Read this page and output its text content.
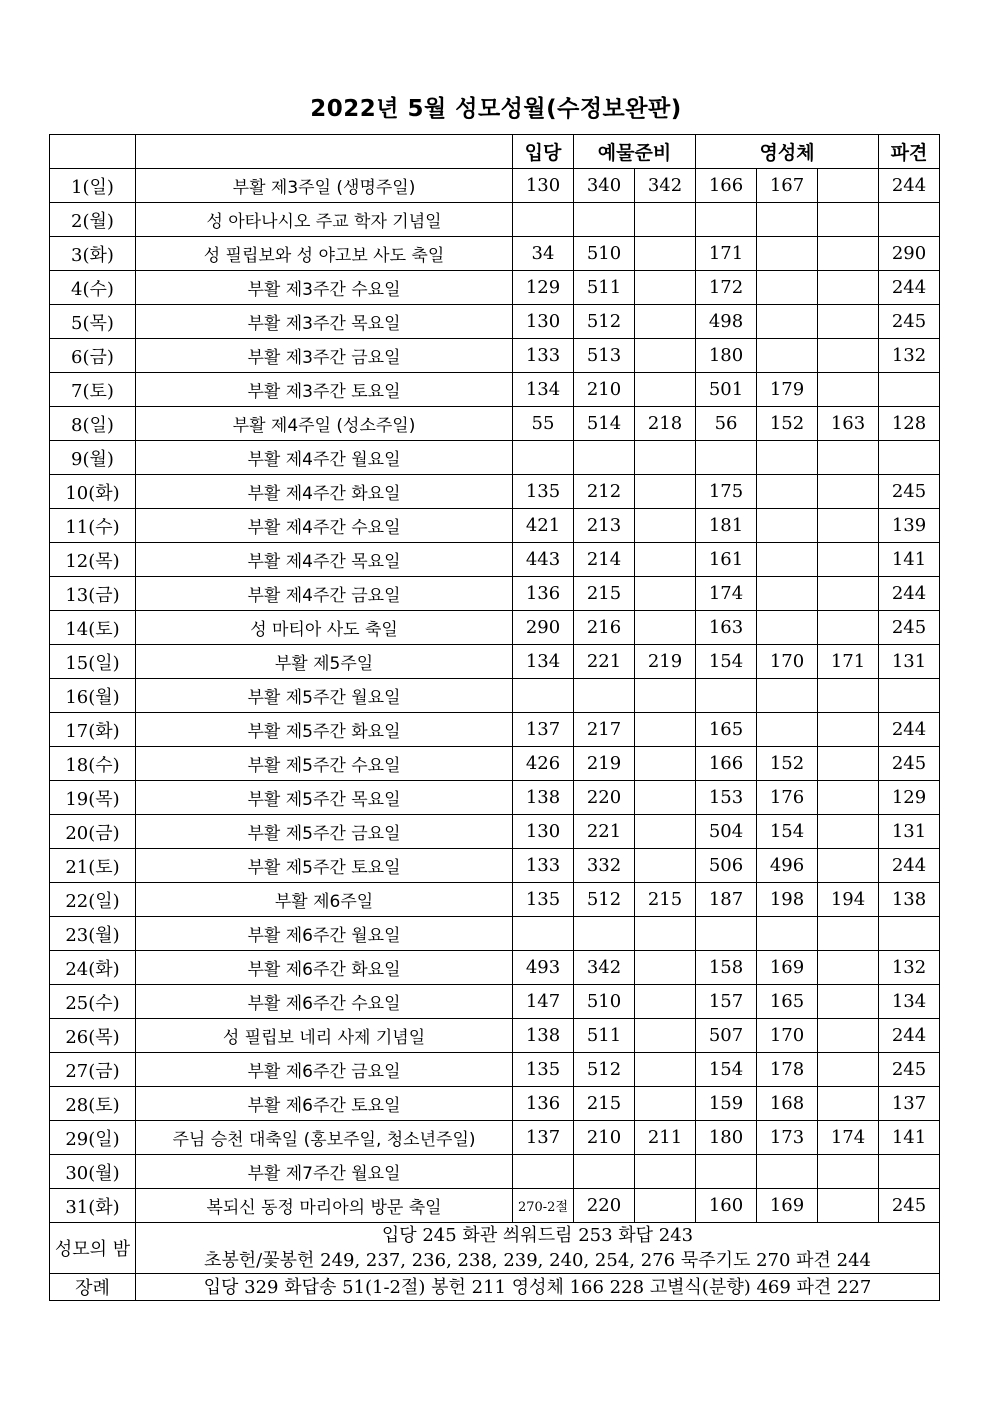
2022년 5월 성모성월(수정보완판)
		입당	예물준비		영성체			파견
1(일)	부활 제3주일 (생명주일)	130	340	342	166	167		244
2(월)	성 아타나시오 주교 학자 기념일							
3(화)	성 필립보와 성 야고보 사도 축일	34	510		171			290
4(수)	부활 제3주간 수요일	129	511		172			244
5(목)	부활 제3주간 목요일	130	512		498			245
6(금)	부활 제3주간 금요일	133	513		180			132
7(토)	부활 제3주간 토요일	134	210		501	179		
8(일)	부활 제4주일 (성소주일)	55	514	218	56	152	163	128
9(월)	부활 제4주간 월요일							
10(화)	부활 제4주간 화요일	135	212		175			245
11(수)	부활 제4주간 수요일	421	213		181			139
12(목)	부활 제4주간 목요일	443	214		161			141
13(금)	부활 제4주간 금요일	136	215		174			244
14(토)	성 마티아 사도 축일	290	216		163			245
15(일)	부활 제5주일	134	221	219	154	170	171	131
16(월)	부활 제5주간 월요일							
17(화)	부활 제5주간 화요일	137	217		165			244
18(수)	부활 제5주간 수요일	426	219		166	152		245
19(목)	부활 제5주간 목요일	138	220		153	176		129
20(금)	부활 제5주간 금요일	130	221		504	154		131
21(토)	부활 제5주간 토요일	133	332		506	496		244
22(일)	부활 제6주일	135	512	215	187	198	194	138
23(월)	부활 제6주간 월요일							
24(화)	부활 제6주간 화요일	493	342		158	169		132
25(수)	부활 제6주간 수요일	147	510		157	165		134
26(목)	성 필립보 네리 사제 기념일	138	511		507	170		244
27(금)	부활 제6주간 금요일	135	512		154	178		245
28(토)	부활 제6주간 토요일	136	215		159	168		137
29(일)	주님 승천 대축일 (홍보주일, 청소년주일)	137	210	211	180	173	174	141
30(월)	부활 제7주간 월요일							
31(화)	복되신 동정 마리아의 방문 축일	270-2절	220		160	169		245
성모의 밤	입당 245 화관 씌워드림 253 화답 243
초봉헌/꽃봉헌 249, 237, 236, 238, 239, 240, 254, 276 묵주기도 270 파견 244							

장례	입당 329 화답송 51(1-2절) 봉헌 211 영성체 166 228 고별식(분향) 469 파견 227							
